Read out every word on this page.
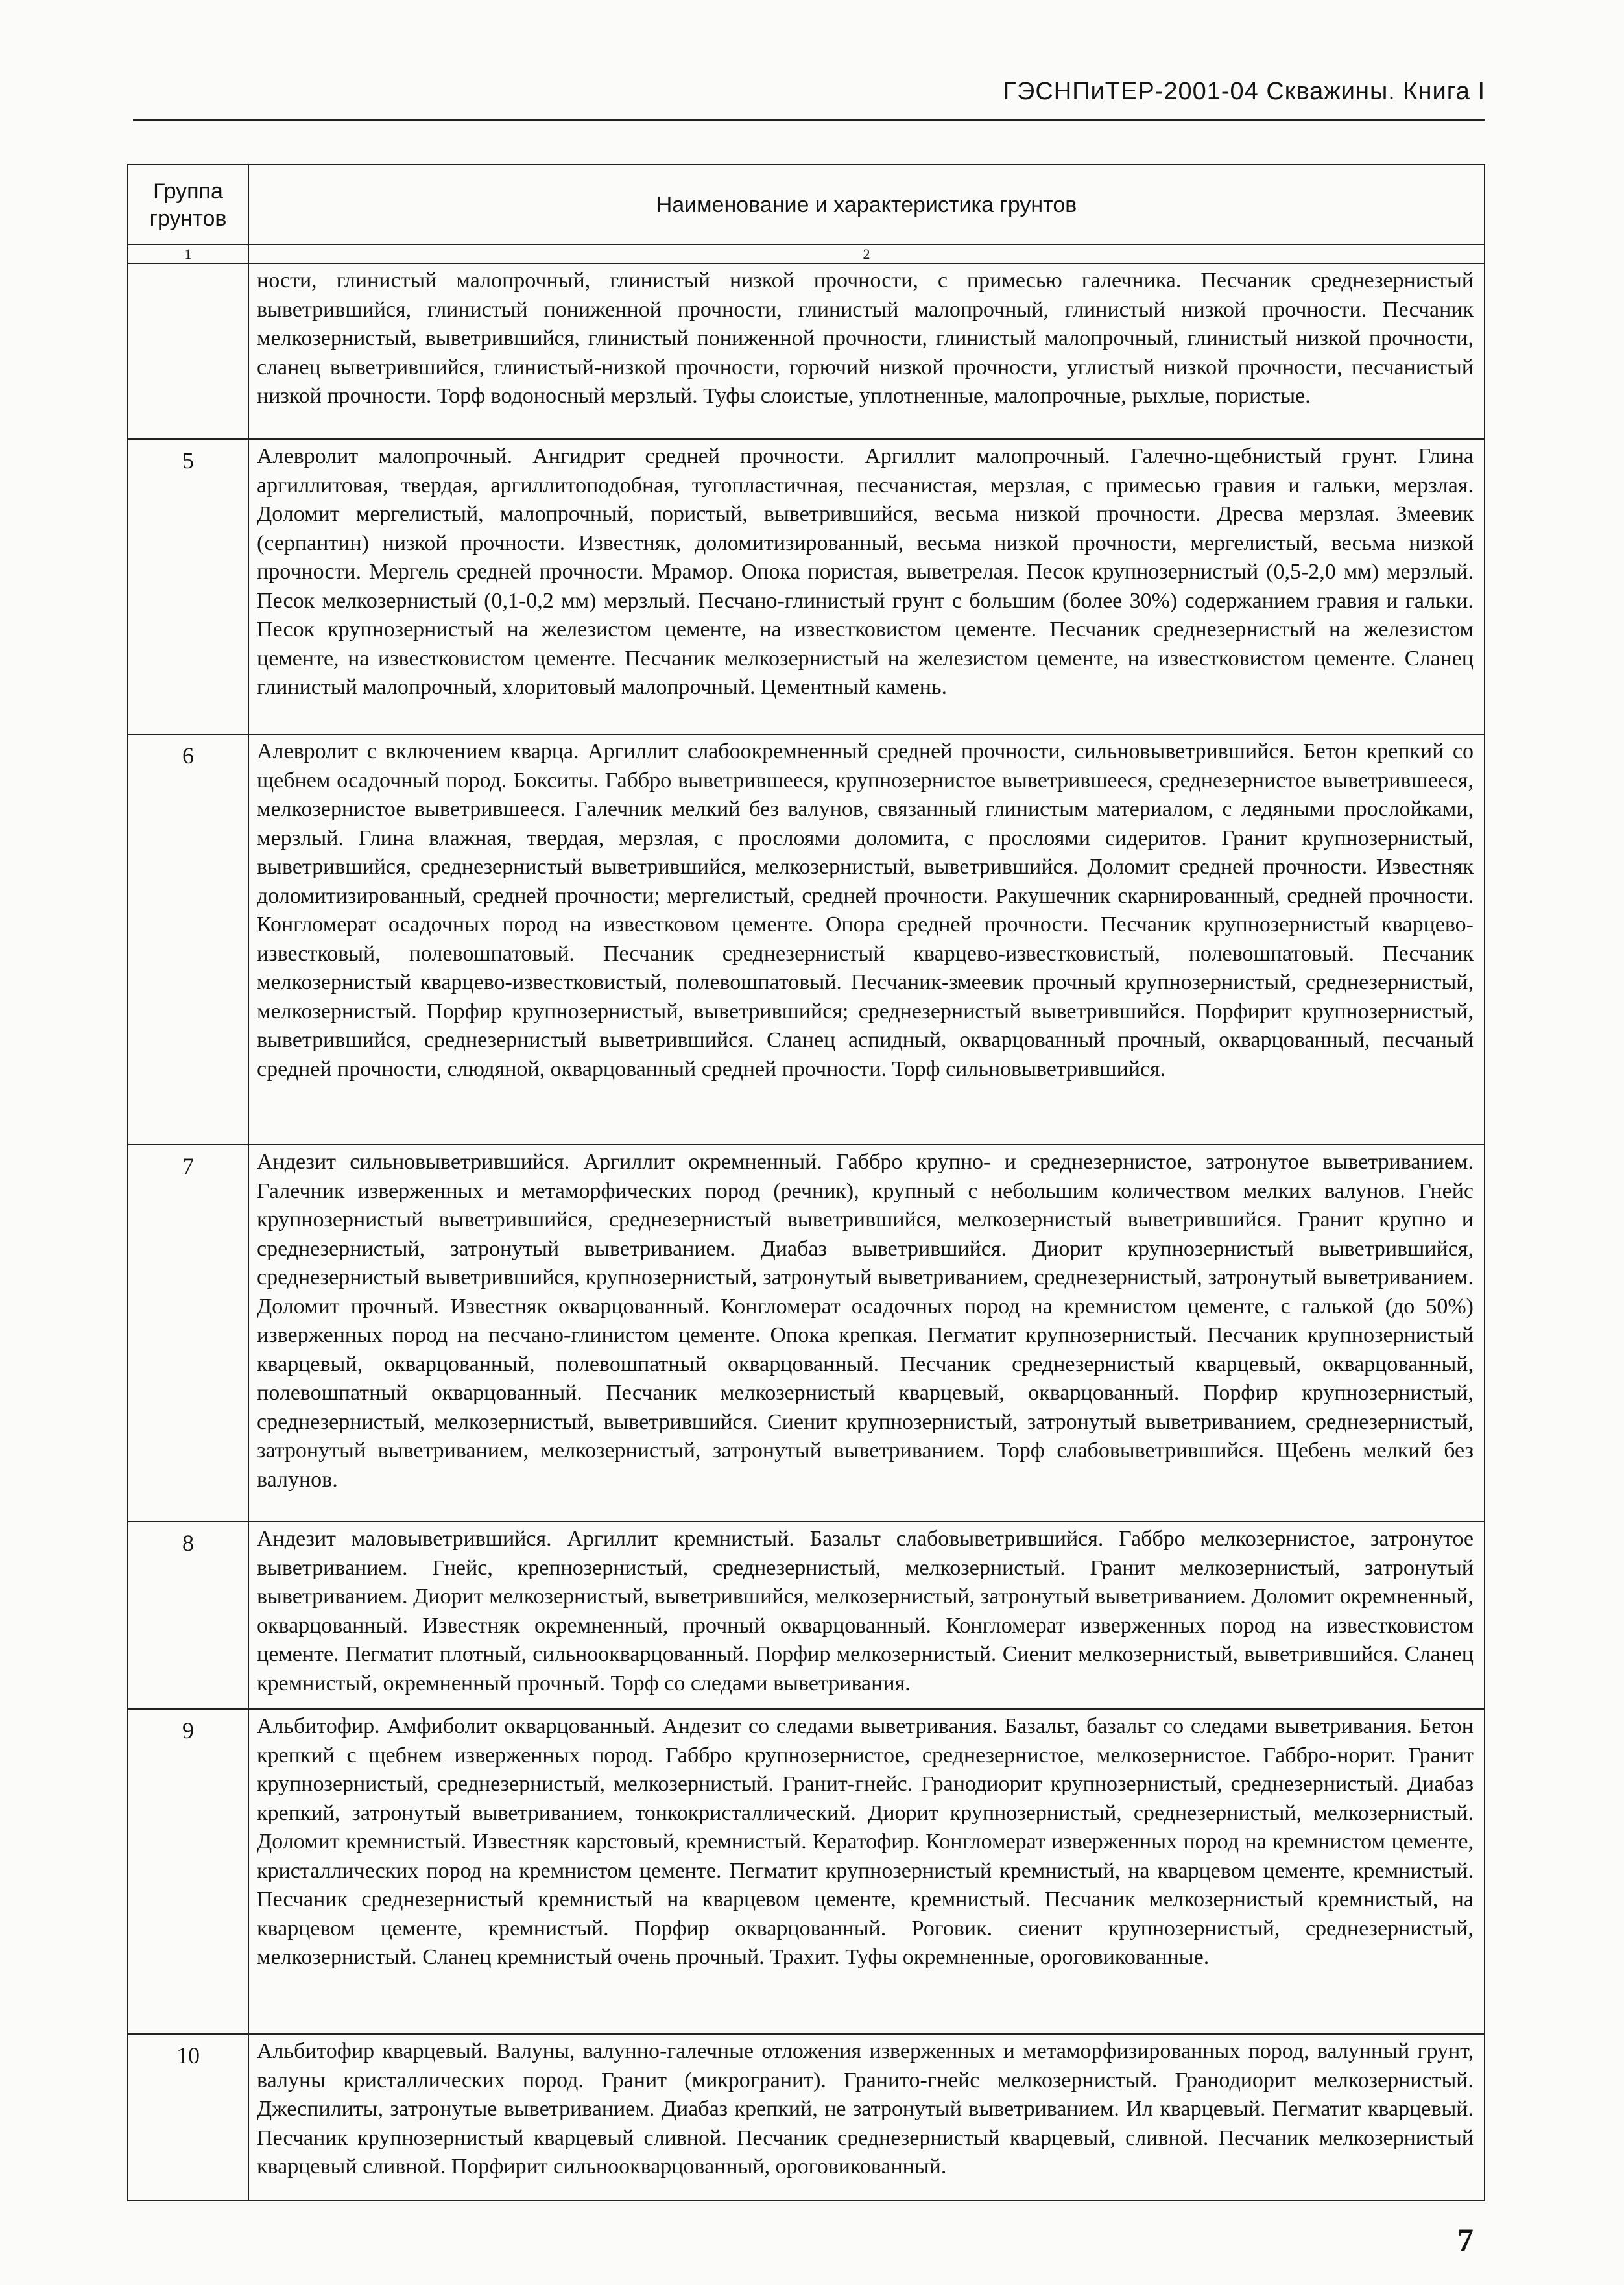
ГЭСНПиТЕР-2001-04 Скважины. Книга I
Группа грунтов	Наименование и характеристика грунтов
1	2
	ности, глинистый малопрочный, глинистый низкой прочности, с примесью галечника. Песчаник среднезернистый выветрившийся, глинистый пониженной прочности, глинистый малопрочный, глинистый низкой прочности. Песчаник мелкозернистый, выветрившийся, глинистый пониженной прочности, глинистый малопрочный, глинистый низкой прочности, сланец выветрившийся, глинистый-низкой прочности, горючий низкой прочности, углистый низкой прочности, песчанистый низкой прочности. Торф водоносный мерзлый. Туфы слоистые, уплотненные, малопрочные, рыхлые, пористые.
5	Алевролит малопрочный. Ангидрит средней прочности. Аргиллит малопрочный. Галечно-щебнистый грунт. Глина аргиллитовая, твердая, аргиллитоподобная, тугопластичная, песчанистая, мерзлая, с примесью гравия и гальки, мерзлая. Доломит мергелистый, малопрочный, пористый, выветрившийся, весьма низкой прочности. Дресва мерзлая. Змеевик (серпантин) низкой прочности. Известняк, доломитизированный, весьма низкой прочности, мергелистый, весьма низкой прочности. Мергель средней прочности. Мрамор. Опока пористая, выветрелая. Песок крупнозернистый (0,5-2,0 мм) мерзлый. Песок мелкозернистый (0,1-0,2 мм) мерзлый. Песчано-глинистый грунт с большим (более 30%) содержанием гравия и гальки. Песок крупнозернистый на железистом цементе, на известковистом цементе. Песчаник среднезернистый на железистом цементе, на известковистом цементе. Песчаник мелкозернистый на железистом цементе, на известковистом цементе. Сланец глинистый малопрочный, хлоритовый малопрочный. Цементный камень.
6	Алевролит с включением кварца. Аргиллит слабоокремненный средней прочности, сильновыветрившийся. Бетон крепкий со щебнем осадочный пород. Бокситы. Габбро выветрившееся, крупнозернистое выветрившееся, среднезернистое выветрившееся, мелкозернистое выветрившееся. Галечник мелкий без валунов, связанный глинистым материалом, с ледяными прослойками, мерзлый. Глина влажная, твердая, мерзлая, с прослоями доломита, с прослоями сидеритов. Гранит крупнозернистый, выветрившийся, среднезернистый выветрившийся, мелкозернистый, выветрившийся. Доломит средней прочности. Известняк доломитизированный, средней прочности; мергелистый, средней прочности. Ракушечник скарнированный, средней прочности. Конгломерат осадочных пород на известковом цементе. Опора средней прочности. Песчаник крупнозернистый кварцево-известковый, полевошпатовый. Песчаник среднезернистый кварцево-известковистый, полевошпатовый. Песчаник мелкозернистый кварцево-известковистый, полевошпатовый. Песчаник-змеевик прочный крупнозернистый, среднезернистый, мелкозернистый. Порфир крупнозернистый, выветрившийся; среднезернистый выветрившийся. Порфирит крупнозернистый, выветрившийся, среднезернистый выветрившийся. Сланец аспидный, окварцованный прочный, окварцованный, песчаный средней прочности, слюдяной, окварцованный средней прочности. Торф сильновыветрившийся.
7	Андезит сильновыветрившийся. Аргиллит окремненный. Габбро крупно- и среднезернистое, затронутое выветриванием. Галечник изверженных и метаморфических пород (речник), крупный с небольшим количеством мелких валунов. Гнейс крупнозернистый выветрившийся, среднезернистый выветрившийся, мелкозернистый выветрившийся. Гранит крупно и среднезернистый, затронутый выветриванием. Диабаз выветрившийся. Диорит крупнозернистый выветрившийся, среднезернистый выветрившийся, крупнозернистый, затронутый выветриванием, среднезернистый, затронутый выветриванием. Доломит прочный. Известняк окварцованный. Конгломерат осадочных пород на кремнистом цементе, с галькой (до 50%) изверженных пород на песчано-глинистом цементе. Опока крепкая. Пегматит крупнозернистый. Песчаник крупнозернистый кварцевый, окварцованный, полевошпатный окварцованный. Песчаник среднезернистый кварцевый, окварцованный, полевошпатный окварцованный. Песчаник мелкозернистый кварцевый, окварцованный. Порфир крупнозернистый, среднезернистый, мелкозернистый, выветрившийся. Сиенит крупнозернистый, затронутый выветриванием, среднезернистый, затронутый выветриванием, мелкозернистый, затронутый выветриванием. Торф слабовыветрившийся. Щебень мелкий без валунов.
8	Андезит маловыветрившийся. Аргиллит кремнистый. Базальт слабовыветрившийся. Габбро мелкозернистое, затронутое выветриванием. Гнейс, крепнозернистый, среднезернистый, мелкозернистый. Гранит мелкозернистый, затронутый выветриванием. Диорит мелкозернистый, выветрившийся, мелкозернистый, затронутый выветриванием. Доломит окремненный, окварцованный. Известняк окремненный, прочный окварцованный. Конгломерат изверженных пород на известковистом цементе. Пегматит плотный, сильноокварцованный. Порфир мелкозернистый. Сиенит мелкозернистый, выветрившийся. Сланец кремнистый, окремненный прочный. Торф со следами выветривания.
9	Альбитофир. Амфиболит окварцованный. Андезит со следами выветривания. Базальт, базальт со следами выветривания. Бетон крепкий с щебнем изверженных пород. Габбро крупнозернистое, среднезернистое, мелкозернистое. Габбро-норит. Гранит крупнозернистый, среднезернистый, мелкозернистый. Гранит-гнейс. Гранодиорит крупнозернистый, среднезернистый. Диабаз крепкий, затронутый выветриванием, тонкокристаллический. Диорит крупнозернистый, среднезернистый, мелкозернистый. Доломит кремнистый. Известняк карстовый, кремнистый. Кератофир. Конгломерат изверженных пород на кремнистом цементе, кристаллических пород на кремнистом цементе. Пегматит крупнозернистый кремнистый, на кварцевом цементе, кремнистый. Песчаник среднезернистый кремнистый на кварцевом цементе, кремнистый. Песчаник мелкозернистый кремнистый, на кварцевом цементе, кремнистый. Порфир окварцованный. Роговик. сиенит крупнозернистый, среднезернистый, мелкозернистый. Сланец кремнистый очень прочный. Трахит. Туфы окремненные, ороговикованные.
10	Альбитофир кварцевый. Валуны, валунно-галечные отложения изверженных и метаморфизированных пород, валунный грунт, валуны кристаллических пород. Гранит (микрогранит). Гранито-гнейс мелкозернистый. Гранодиорит мелкозернистый. Джеспилиты, затронутые выветриванием. Диабаз крепкий, не затронутый выветриванием. Ил кварцевый. Пегматит кварцевый. Песчаник крупнозернистый кварцевый сливной. Песчаник среднезернистый кварцевый, сливной. Песчаник мелкозернистый кварцевый сливной. Порфирит сильноокварцованный, ороговикованный.
7
